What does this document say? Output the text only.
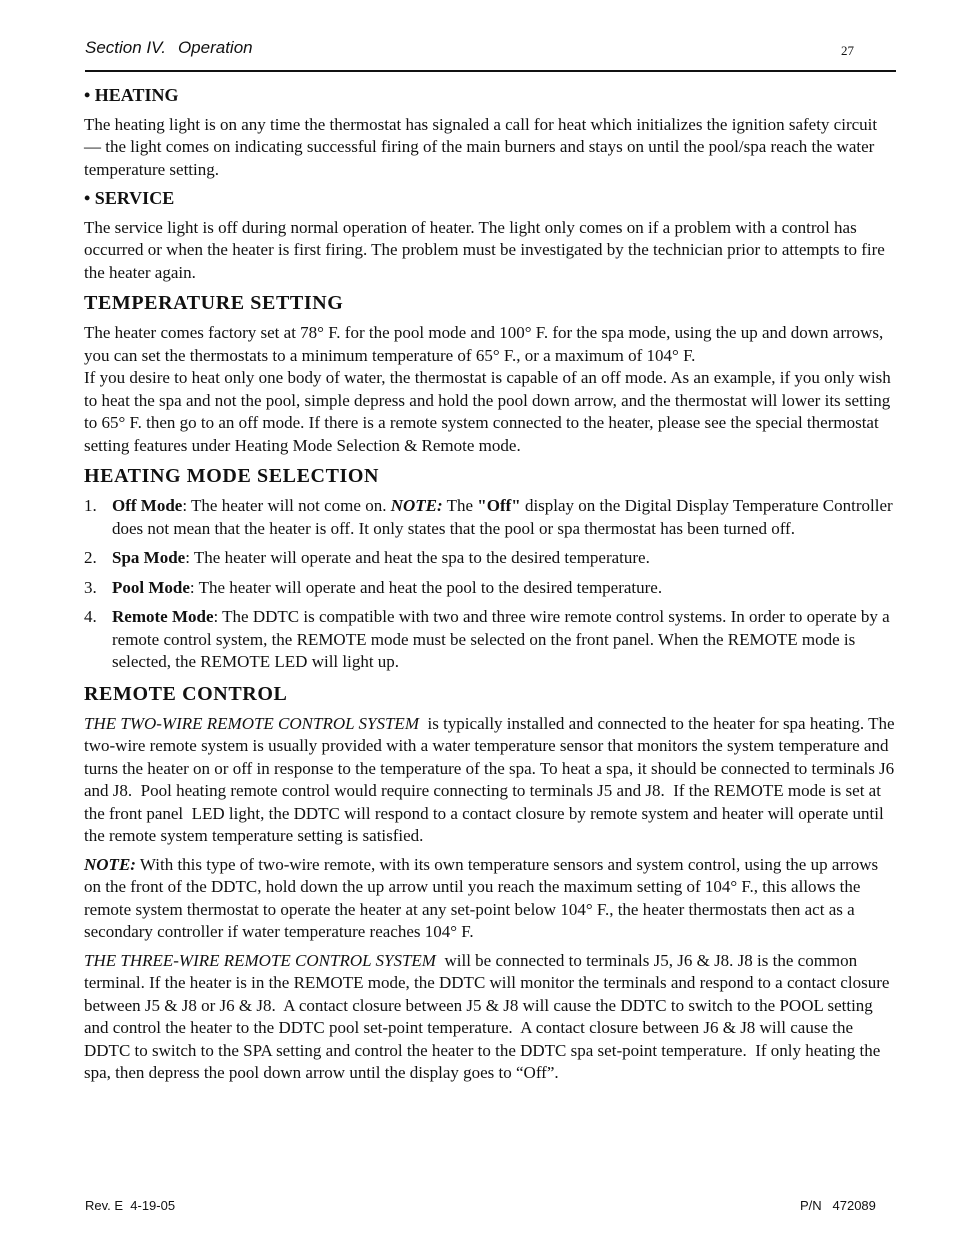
Section IV. Operation	27
• HEATING

The heating light is on any time the thermostat has signaled a call for heat which initializes the ignition safety circuit — the light comes on indicating successful firing of the main burners and stays on until the pool/spa reach the water temperature setting.

• SERVICE

The service light is off during normal operation of heater. The light only comes on if a problem with a control has occurred or when the heater is first firing. The problem must be investigated by the technician prior to attempts to fire the heater again.

TEMPERATURE SETTING

The heater comes factory set at 78° F. for the pool mode and 100° F. for the spa mode, using the up and down arrows, you can set the thermostats to a minimum temperature of 65° F., or a maximum of 104° F.

If you desire to heat only one body of water, the thermostat is capable of an off mode. As an example, if you only wish to heat the spa and not the pool, simple depress and hold the pool down arrow, and the thermostat will lower its setting to 65° F. then go to an off mode. If there is a remote system connected to the heater, please see the special thermostat setting features under Heating Mode Selection & Remote mode.

HEATING MODE SELECTION
1. Off Mode: The heater will not come on. NOTE: The "Off" display on the Digital Display Temperature Controller does not mean that the heater is off. It only states that the pool or spa thermostat has been turned off.
2. Spa Mode: The heater will operate and heat the spa to the desired temperature.
3. Pool Mode: The heater will operate and heat the pool to the desired temperature.
4. Remote Mode: The DDTC is compatible with two and three wire remote control systems. In order to operate by a remote control system, the REMOTE mode must be selected on the front panel. When the REMOTE mode is selected, the REMOTE LED will light up.
REMOTE CONTROL

THE TWO-WIRE REMOTE CONTROL SYSTEM  is typically installed and connected to the heater for spa heating. The two-wire remote system is usually provided with a water temperature sensor that monitors the system temperature and turns the heater on or off in response to the temperature of the spa. To heat a spa, it should be connected to terminals J6 and J8.  Pool heating remote control would require connecting to terminals J5 and J8.  If the REMOTE mode is set at the front panel  LED light, the DDTC will respond to a contact closure by remote system and heater will operate until the remote system temperature setting is satisfied.

NOTE: With this type of two-wire remote, with its own temperature sensors and system control, using the up arrows on the front of the DDTC, hold down the up arrow until you reach the maximum setting of 104° F., this allows the remote system thermostat to operate the heater at any set-point below 104° F., the heater thermostats then act as a secondary controller if water temperature reaches 104° F.

THE THREE-WIRE REMOTE CONTROL SYSTEM  will be connected to terminals J5, J6 & J8. J8 is the common terminal. If the heater is in the REMOTE mode, the DDTC will monitor the terminals and respond to a contact closure between J5 & J8 or J6 & J8.  A contact closure between J5 & J8 will cause the DDTC to switch to the POOL setting and control the heater to the DDTC pool set-point temperature.  A contact closure between J6 & J8 will cause the DDTC to switch to the SPA setting and control the heater to the DDTC spa set-point temperature.  If only heating the spa, then depress the pool down arrow until the display goes to “Off”.

Rev. E  4-19-05	P/N   472089
